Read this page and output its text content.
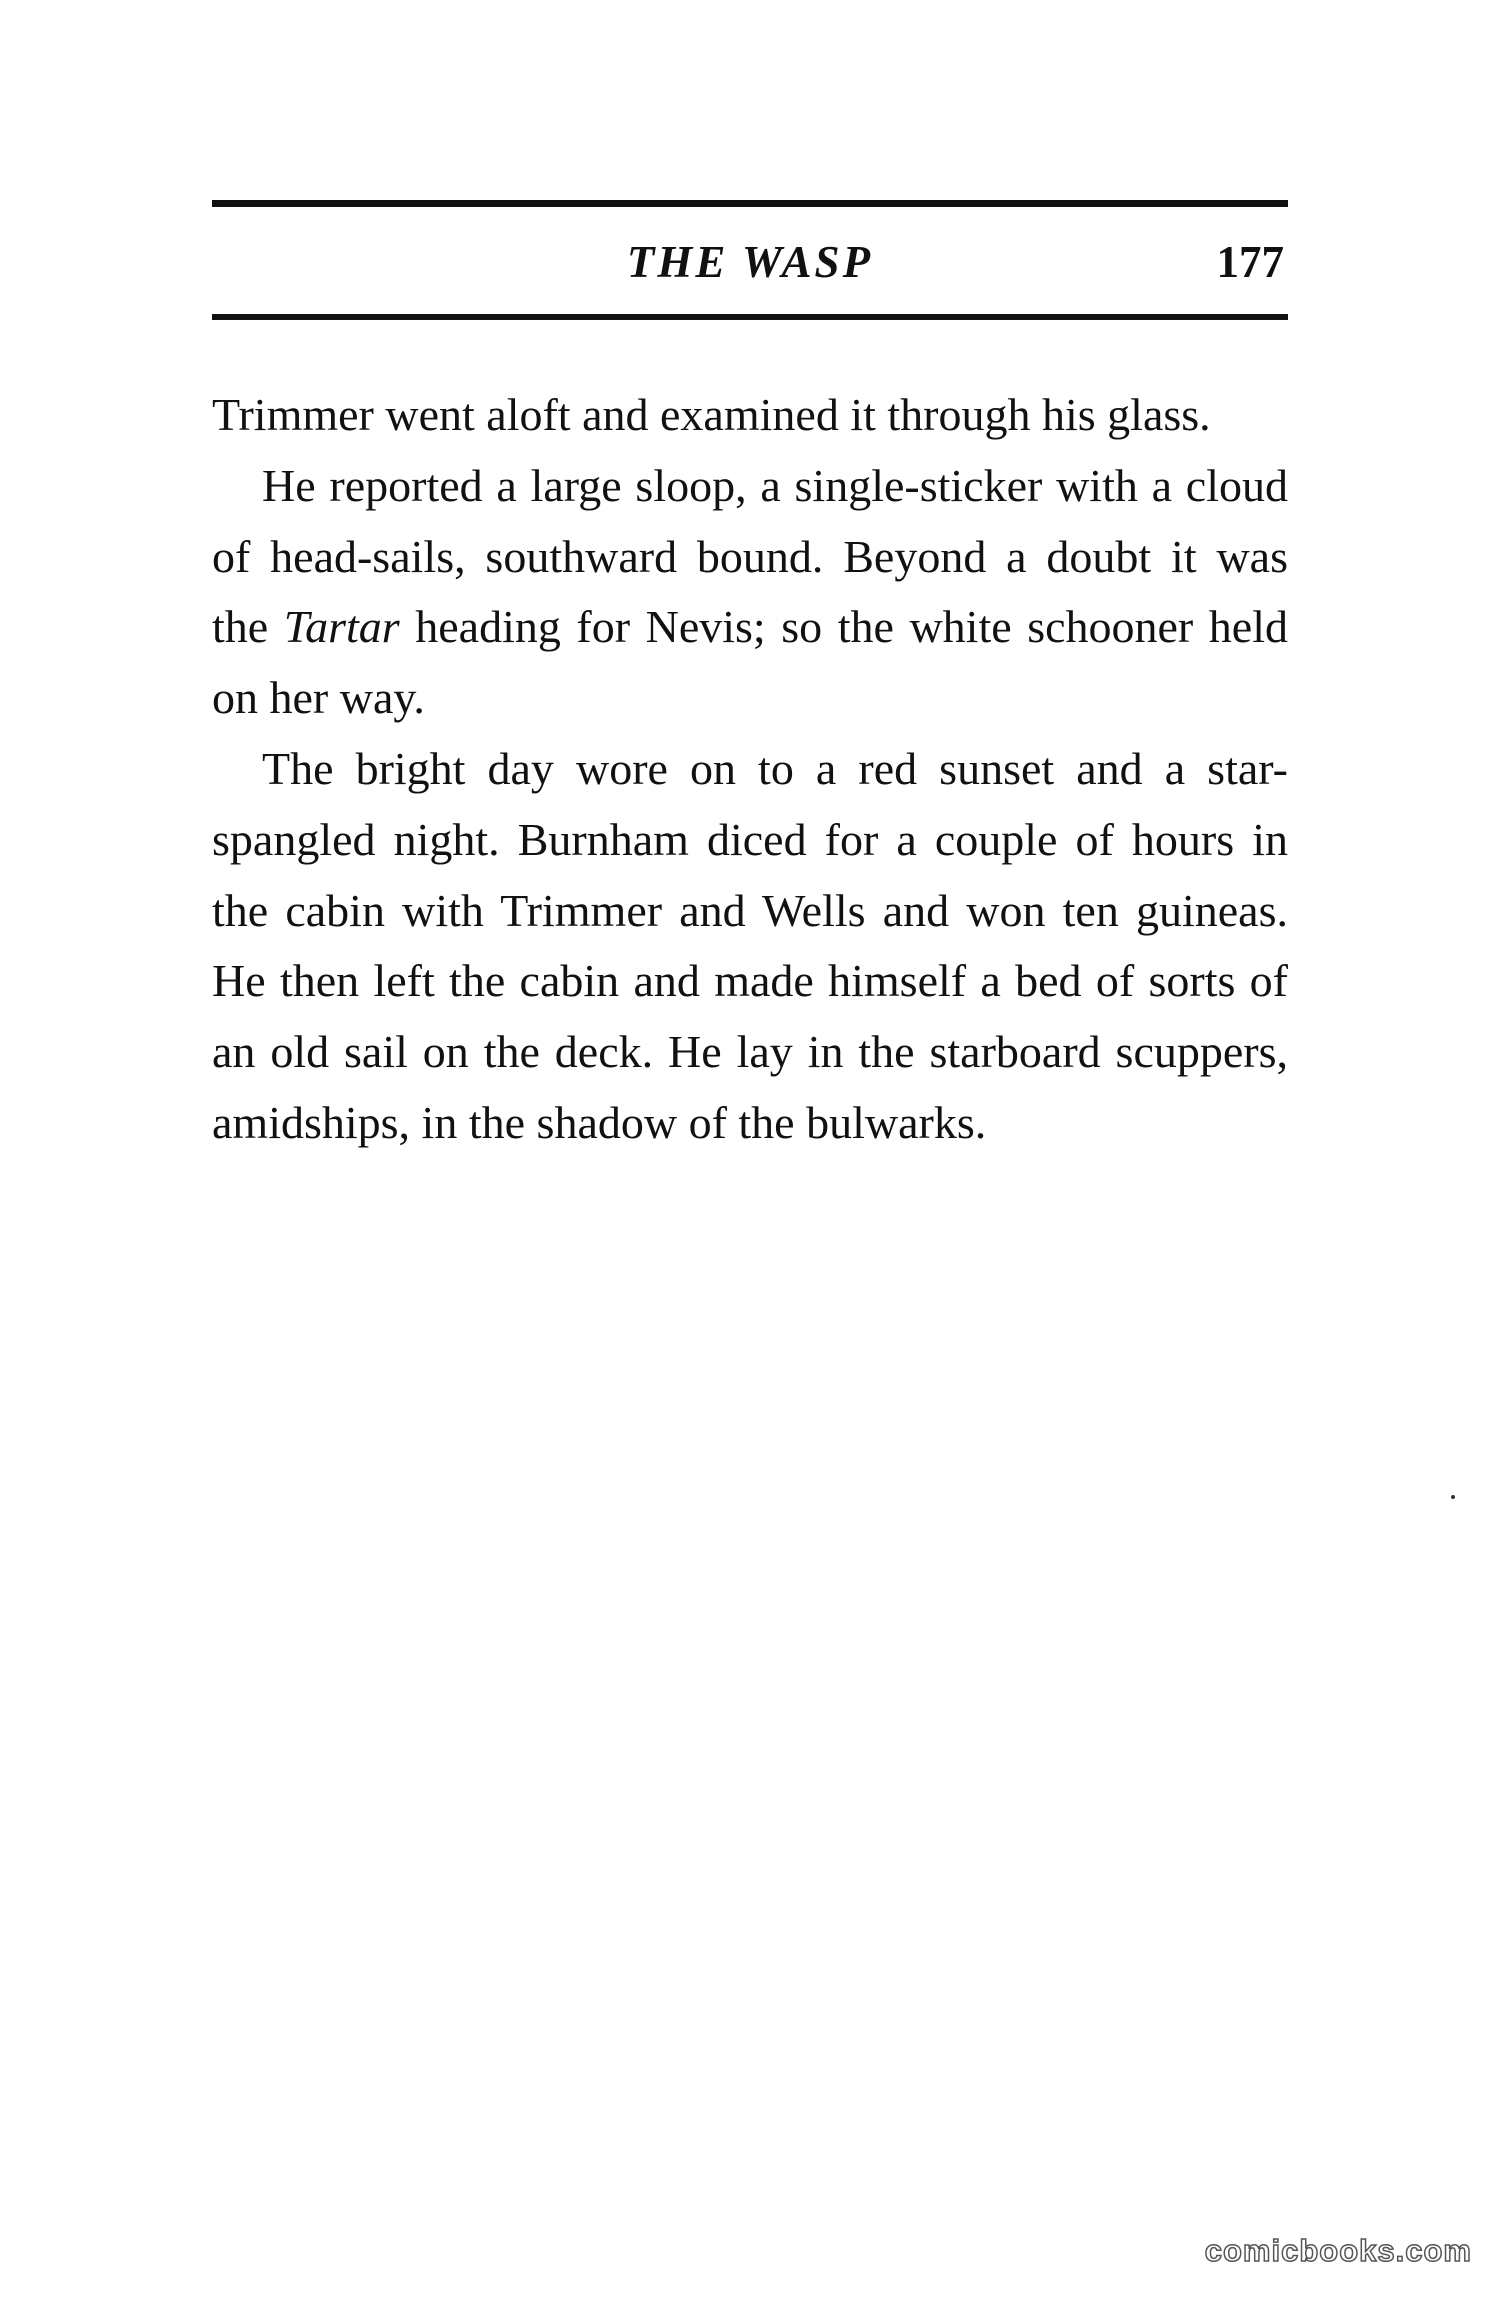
THE WASP	177

Trimmer went aloft and examined it through his glass.

He reported a large sloop, a single-sticker with a cloud of head-sails, southward bound. Beyond a doubt it was the Tartar heading for Nevis; so the white schooner held on her way.

The bright day wore on to a red sunset and a star-spangled night. Burnham diced for a couple of hours in the cabin with Trimmer and Wells and won ten guineas. He then left the cabin and made himself a bed of sorts of an old sail on the deck. He lay in the starboard scuppers, amidships, in the shadow of the bulwarks.

comicbooks.com
